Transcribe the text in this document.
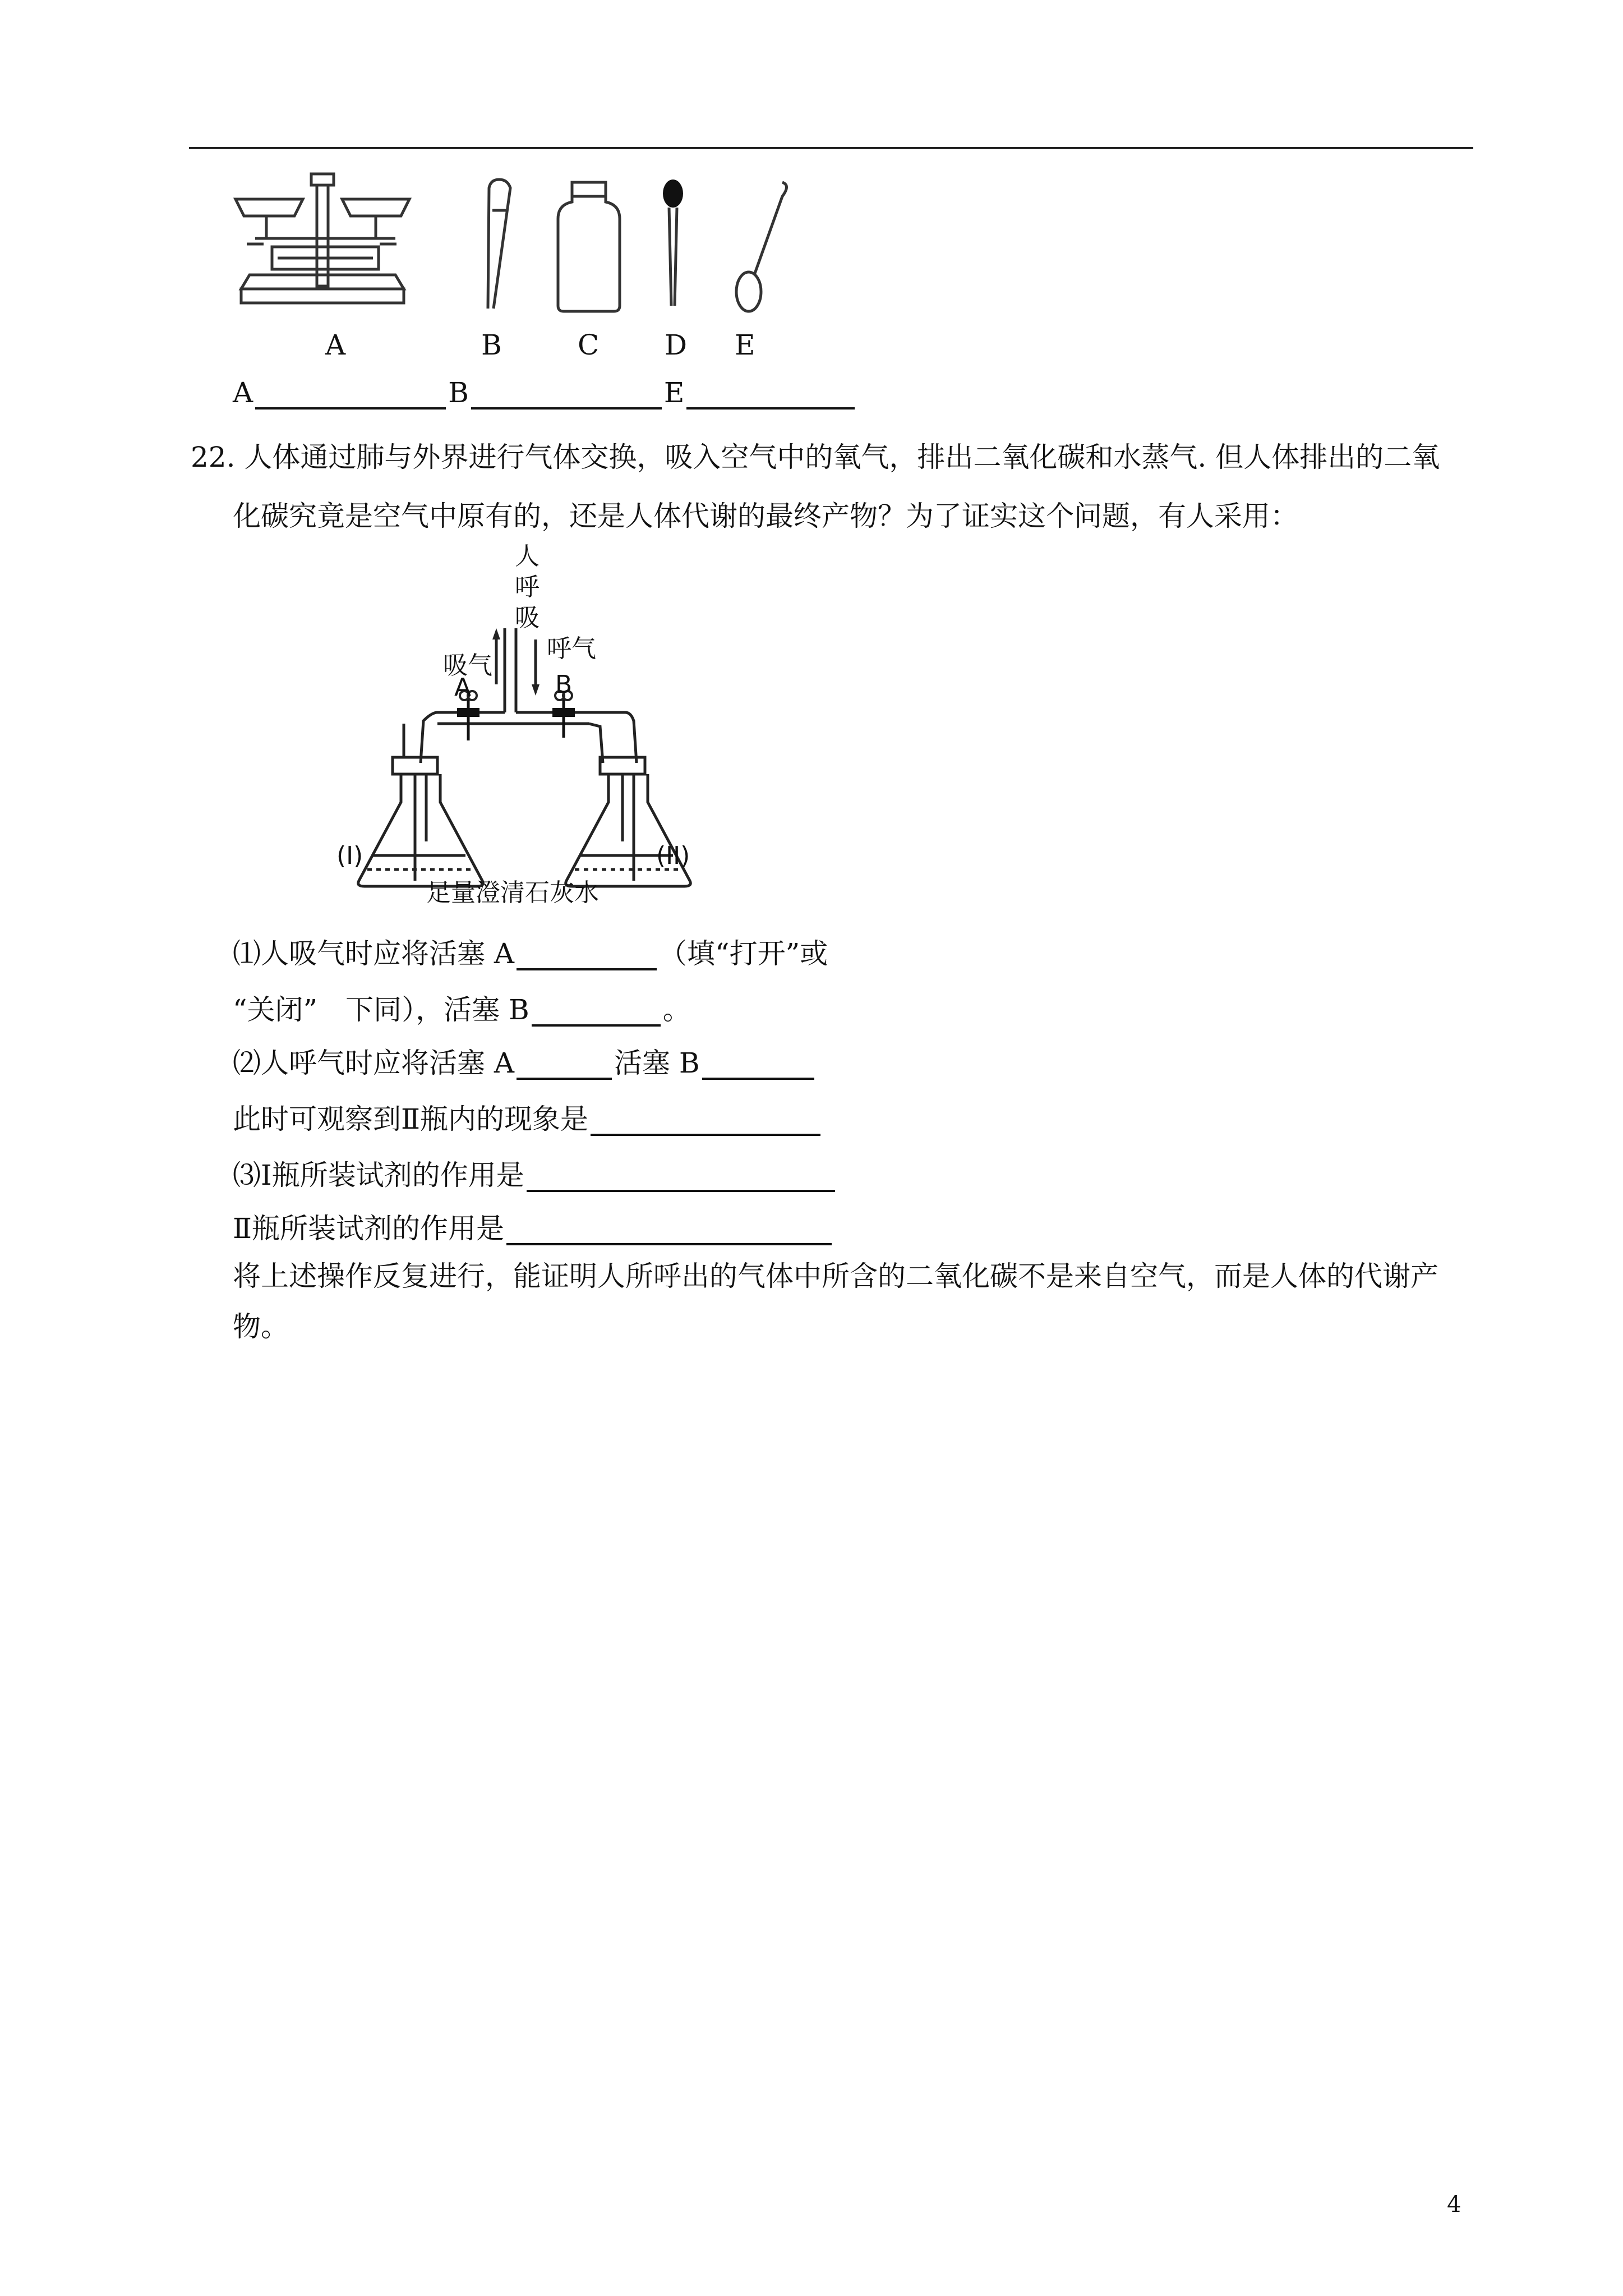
A	B	C D E
A	B	E
22. 人体通过肺与外界进行气体交换，吸入空气中的氧气，排出二氧化碳和水蒸气. 但人体排出的二氧
化碳究竟是空气中原有的，还是人体代谢的最终产物？为了证实这个问题，有人采用：
人
呼
吸
吸气
呼气
A	B
(I)	(II)
足量澄清石灰水
⑴人吸气时应将活塞 A	（填“打开”或
“关闭”　下同），活塞 B	。
⑵人呼气时应将活塞 A	活塞 B
此时可观察到Ⅱ瓶内的现象是
⑶Ⅰ瓶所装试剂的作用是
Ⅱ瓶所装试剂的作用是
将上述操作反复进行，能证明人所呼出的气体中所含的二氧化碳不是来自空气，而是人体的代谢产
物。
4
